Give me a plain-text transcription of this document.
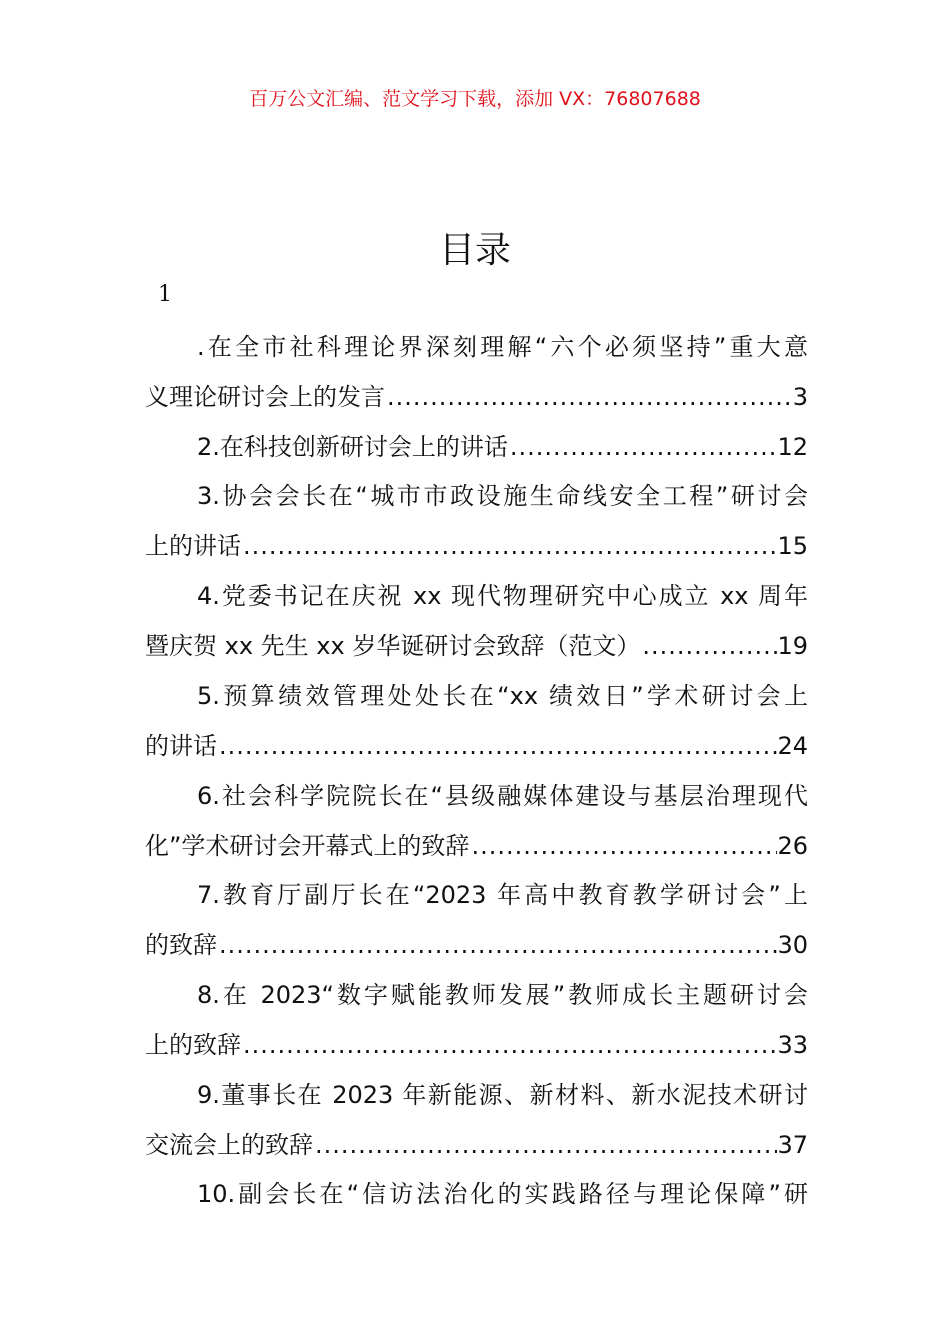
百万公文汇编、范文学习下载，添加 VX：76807688
目录
1
.在全市社科理论界深刻理解“六个必须坚持”重大意
义理论研讨会上的发言 .....	3
2.在科技创新研讨会上的讲话 .....	12
3.协会会长在“城市市政设施生命线安全工程”研讨会
上的讲话 .....	15
4.党委书记在庆祝 xx 现代物理研究中心成立 xx 周年
暨庆贺 xx 先生 xx 岁华诞研讨会致辞（范文） .....	19
5.预算绩效管理处处长在“xx 绩效日”学术研讨会上
的讲话 .....	24
6.社会科学院院长在“县级融媒体建设与基层治理现代
化”学术研讨会开幕式上的致辞 .....	26
7.教育厅副厅长在“2023 年高中教育教学研讨会”上
的致辞 .....	30
8.在 2023“数字赋能教师发展”教师成长主题研讨会
上的致辞 .....	33
9.董事长在 2023 年新能源、新材料、新水泥技术研讨
交流会上的致辞 .....	37
10.副会长在“信访法治化的实践路径与理论保障”研
